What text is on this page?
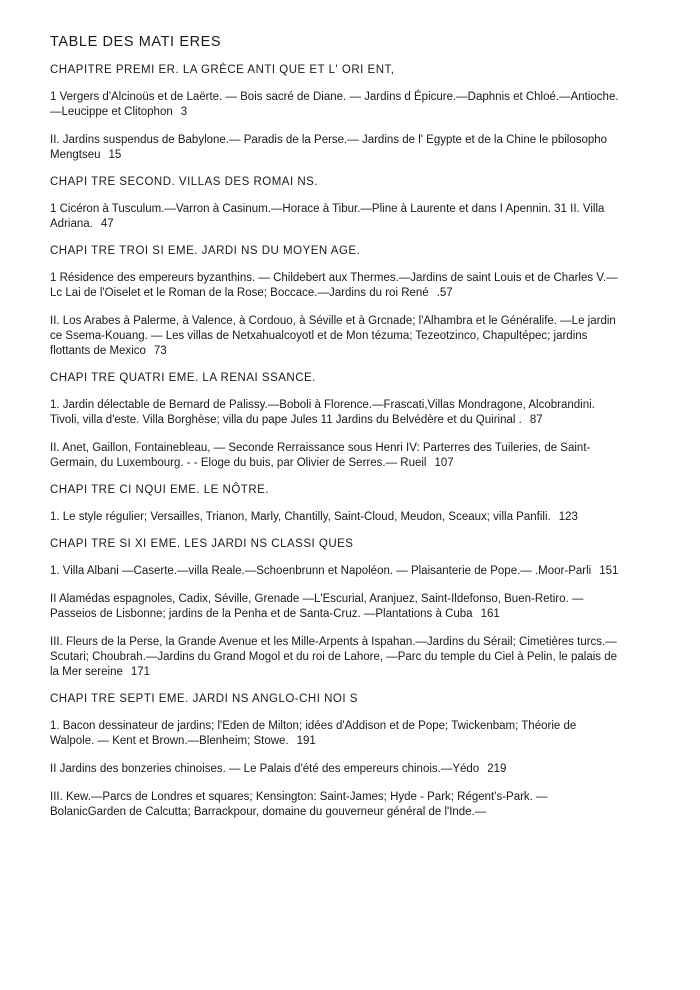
TABLE DES MATI ERES
CHAPITRE PREMI ER. LA GRÈCE ANTI QUE ET L' ORI ENT,
1 Vergers d'Alcinoüs et de Laërte. — Bois sacré de Diane. — Jardins d Épicure.—Daphnis et Chloé.—Antioche.—Leucippe et Clitophon 3
II. Jardins suspendus de Babylone.— Paradis de la Perse.— Jardins de l' Egypte et de la Chine le pbilosopho Mengtseu 15
CHAPI TRE SECOND. VILLAS DES ROMAI NS.
1 Cicéron à Tusculum.—Varron à Casinum.—Horace à Tibur.—Pline à Laurente et dans I Apennin. 31 II. Villa Adriana. 47
CHAPI TRE TROI SI EME. JARDI NS DU MOYEN AGE.
1 Résidence des empereurs byzanthins. — Childebert aux Thermes.—Jardins de saint Louis et de Charles V.—Lc Lai de l'Oiselet et le Roman de la Rose; Boccace.—Jardins du roi René .57
II. Los Arabes à Palerme, à Valence, à Cordouo, à Séville et à Grcnade; l'Alhambra et le Généralife. —Le jardin ce Ssema-Kouang. — Les villas de Netxahualcoyotl et de Mon tézuma; Tezeotzinco, Chapultépec; jardins flottants de Mexico 73
CHAPI TRE QUATRI EME. LA RENAI SSANCE.
1. Jardin délectable de Bernard de Palissy.—Boboli à Florence.—Frascati,Villas Mondragone, Alcobrandini. Tivoli, villa d'este. Villa Borghèse; villa du pape Jules 11 Jardins du Belvédère et du Quirinal . 87
II. Anet, Gaillon, Fontainebleau, — Seconde Rerraissance sous Henri IV: Parterres des Tuileries, de Saint-Germain, du Luxembourg. - - Eloge du buis, par Olivier de Serres.— Rueil 107
CHAPI TRE CI NQUI EME. LE NÔTRE.
1. Le style régulier; Versailles, Trianon, Marly, Chantilly, Saint-Cloud, Meudon, Sceaux; villa Panfili. 123
CHAPI TRE SI XI EME. LES JARDI NS CLASSI QUES
1. Villa Albani —Caserte.—villa Reale.—Schoenbrunn et Napoléon. — Plaisanterie de Pope.— .Moor-Parli 151
II Alamédas espagnoles, Cadix, Séville, Grenade —L'Escurial, Aranjuez, Saint-Ildefonso, Buen-Retiro. —Passeios de Lisbonne; jardins de la Penha et de Santa-Cruz. —Plantations à Cuba 161
III. Fleurs de la Perse, la Grande Avenue et les Mille-Arpents à Ispahan.—Jardins du Sérail; Cimetières turcs.—Scutari; Choubrah.—Jardins du Grand Mogol et du roi de Lahore, —Parc du temple du Ciel à Pelin, le palais de la Mer sereine 171
CHAPI TRE SEPTI EME. JARDI NS ANGLO-CHI NOI S
1. Bacon dessinateur de jardins; l'Eden de Milton; idées d'Addison et de Pope; Twickenbam; Théorie de Walpole. — Kent et Brown.—Blenheim; Stowe. 191
II Jardins des bonzeries chinoises. — Le Palais d'été des empereurs chinois.—Yédo 219
III. Kew.—Parcs de Londres et squares; Kensington: Saint-James; Hyde - Park; Régent's-Park. — BolanicGarden de Calcutta; Barrackpour, domaine du gouverneur général de l'Inde.—
